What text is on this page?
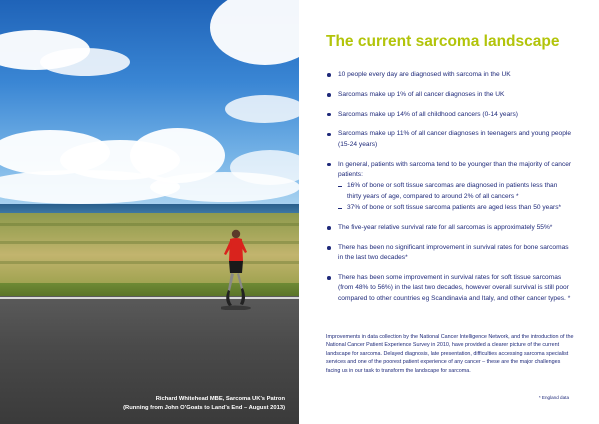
Richard Whitehead MBE, Sarcoma UK’s Patron
(Running from John O’Goats to Land’s End – August 2013)
The current sarcoma landscape
10 people every day are diagnosed with sarcoma in the UK
Sarcomas make up 1% of all cancer diagnoses in the UK
Sarcomas make up 14% of all childhood cancers (0-14 years)
Sarcomas make up 11% of all cancer diagnoses in teenagers and young people (15-24 years)
In general, patients with sarcoma tend to be younger than the majority of cancer patients:
16% of bone or soft tissue sarcomas are diagnosed in patients less than thirty years of age, compared to around 2% of all cancers *
37% of bone or soft tissue sarcoma patients are aged less than 50 years*
The five-year relative survival rate for all sarcomas is approximately 55%*
There has been no significant improvement in survival rates for bone sarcomas in the last two decades*
There has been some improvement in survival rates for soft tissue sarcomas (from 48% to 56%) in the last two decades, however overall survival is still poor compared to other countries eg Scandinavia and Italy, and other cancer types. *

Improvements in data collection by the National Cancer Intelligence Network, and the introduction of the National Cancer Patient Experience Survey in 2010, have provided a clearer picture of the current landscape for sarcoma. Delayed diagnosis, late presentation, difficulties accessing sarcoma specialist services and one of the poorest patient experience of any cancer – these are the major challenges facing us in our task to transform the landscape for sarcoma.

* England data
